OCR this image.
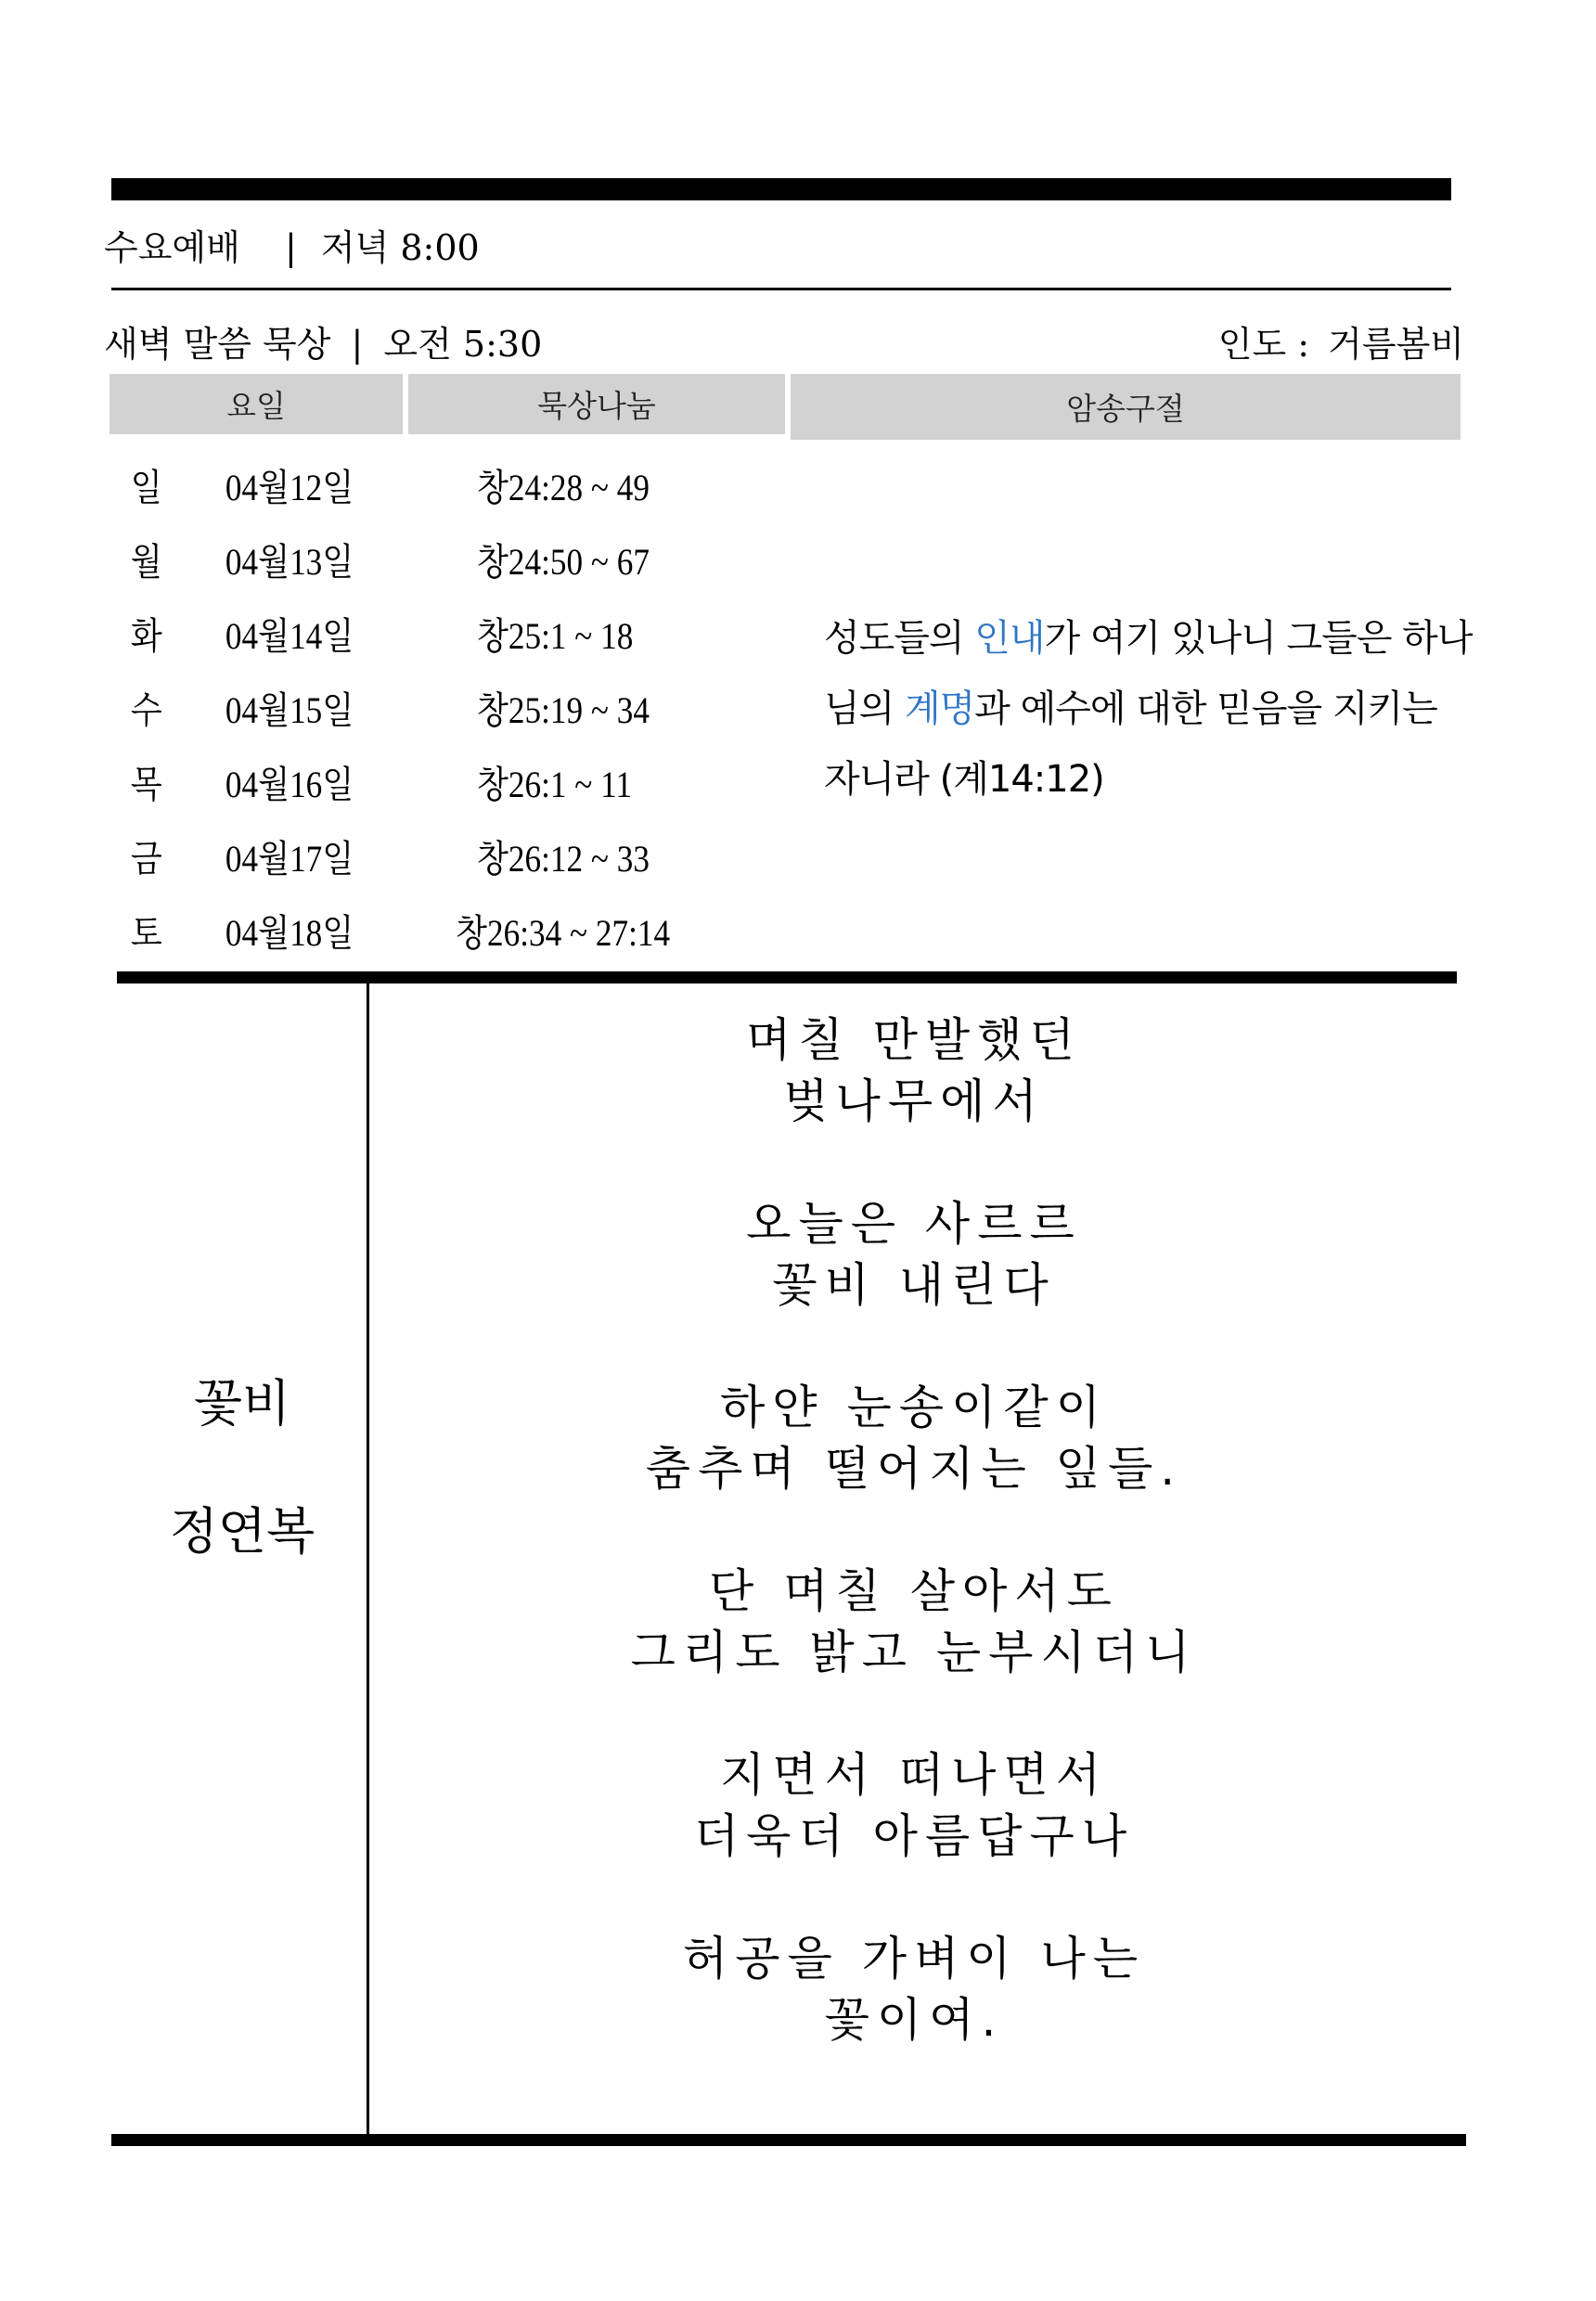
수요예배 | 저녁 8:00
새벽 말씀 묵상 | 오전 5:30	인도 : 거름봄비
요일	묵상나눔	암송구절
일 04월12일	창24:28 ~ 49
월 04월13일	창24:50 ~ 67
화 04월14일	창25:1 ~ 18
수 04월15일	창25:19 ~ 34
목 04월16일	창26:1 ~ 11
금 04월17일	창26:12 ~ 33
토 04월18일	창26:34 ~ 27:14
성도들의 인내가 여기 있나니 그들은 하나님의 계명과 예수에 대한 믿음을 지키는 자니라 (계14:12)
꽃비
정연복
며칠 만발했던
벚나무에서
오늘은 사르르
꽃비 내린다
하얀 눈송이같이
춤추며 떨어지는 잎들.
단 며칠 살아서도
그리도 밝고 눈부시더니
지면서 떠나면서
더욱더 아름답구나
허공을 가벼이 나는
꽃이여.
